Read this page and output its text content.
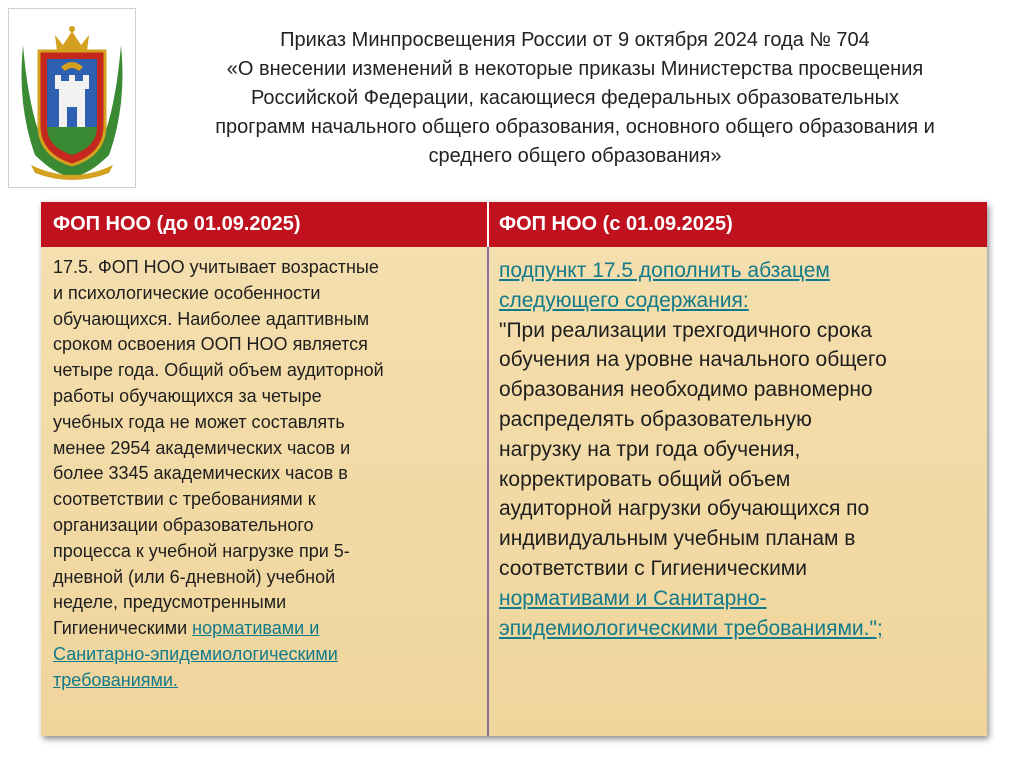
Приказ Минпросвещения России от 9 октября 2024 года № 704
«О внесении изменений в некоторые приказы Министерства просвещения
Российской Федерации, касающиеся федеральных образовательных
программ начального общего образования, основного общего образования и
среднего общего образования»
ФОП НОО (до 01.09.2025)	ФОП НОО (с 01.09.2025)
17.5. ФОП НОО учитывает возрастные
и психологические особенности
обучающихся. Наиболее адаптивным
сроком освоения ООП НОО является
четыре года. Общий объем аудиторной
работы обучающихся за четыре
учебных года не может составлять
менее 2954 академических часов и
более 3345 академических часов в
соответствии с требованиями к
организации образовательного
процесса к учебной нагрузке при 5-
дневной (или 6-дневной) учебной
неделе, предусмотренными
Гигиеническими нормативами и
Санитарно-эпидемиологическими
требованиями.
подпункт 17.5 дополнить абзацем
следующего содержания:
"При реализации трехгодичного срока
обучения на уровне начального общего
образования необходимо равномерно
распределять образовательную
нагрузку на три года обучения,
корректировать общий объем
аудиторной нагрузки обучающихся по
индивидуальным учебным планам в
соответствии с Гигиеническими
нормативами и Санитарно-
эпидемиологическими требованиями.";
